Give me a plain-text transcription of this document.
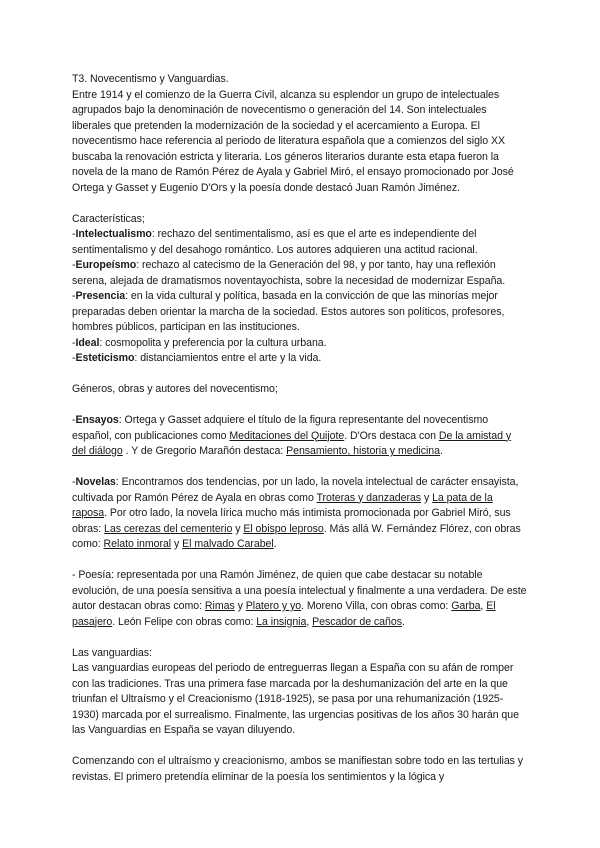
T3. Novecentismo y Vanguardias.

Entre 1914 y el comienzo de la Guerra Civil, alcanza su esplendor un grupo de intelectuales agrupados bajo la denominación de novecentismo o generación del 14. Son intelectuales liberales que pretenden la modernización de la sociedad y el acercamiento a Europa. El novecentismo hace referencia al periodo de literatura española que a comienzos del siglo XX buscaba la renovación estricta y literaria. Los géneros literarios durante esta etapa fueron la novela de la mano de Ramón Pérez de Ayala y Gabriel Miró, el ensayo promocionado por José Ortega y Gasset y Eugenio D'Ors y la poesía donde destacó Juan Ramón Jiménez.

Características;

-Intelectualismo: rechazo del sentimentalismo, así es que el arte es independiente del sentimentalismo y del desahogo romántico. Los autores adquieren una actitud racional.

-Europeísmo: rechazo al catecismo de la Generación del 98, y por tanto, hay una reflexión serena, alejada de dramatismos noventayochista, sobre la necesidad de modernizar España.

-Presencia: en la vida cultural y política, basada en la convicción de que las minorías mejor preparadas deben orientar la marcha de la sociedad. Estos autores son políticos, profesores, hombres públicos, participan en las instituciones.

-Ideal: cosmopolita y preferencia por la cultura urbana.

-Esteticismo: distanciamientos entre el arte y la vida.

Géneros, obras y autores del novecentismo;

-Ensayos: Ortega y Gasset adquiere el título de la figura representante del novecentismo español, con publicaciones como Meditaciones del Quijote. D'Ors destaca con De la amistad y del diálogo . Y de Gregorio Marañón destaca: Pensamiento, historia y medicina.

-Novelas: Encontramos dos tendencias, por un lado, la novela intelectual de carácter ensayista, cultivada por Ramón Pérez de Ayala en obras como Troteras y danzaderas y La pata de la raposa. Por otro lado, la novela lírica mucho más intimista promocionada por Gabriel Miró, sus obras: Las cerezas del cementerio y El obispo leproso. Más allá W. Fernández Flórez, con obras como: Relato inmoral y El malvado Carabel.

- Poesía: representada por una Ramón Jiménez, de quien que cabe destacar su notable evolución, de una poesía sensitiva a una poesía intelectual y finalmente a una verdadera. De este autor destacan obras como: Rimas y Platero y yo. Moreno Villa, con obras como: Garba, El pasajero. León Felipe con obras como: La insignia, Pescador de caños.

Las vanguardias:

Las vanguardias europeas del periodo de entreguerras llegan a España con su afán de romper con las tradiciones. Tras una primera fase marcada por la deshumanización del arte en la que triunfan el Ultraísmo y el Creacionismo (1918-1925), se pasa por una rehumanización (1925-1930) marcada por el surrealismo. Finalmente, las urgencias positivas de los años 30 harán que las Vanguardias en España se vayan diluyendo.

Comenzando con el ultraísmo y creacionismo, ambos se manifiestan sobre todo en las tertulias y revistas. El primero pretendía eliminar de la poesía los sentimientos y la lógica y
